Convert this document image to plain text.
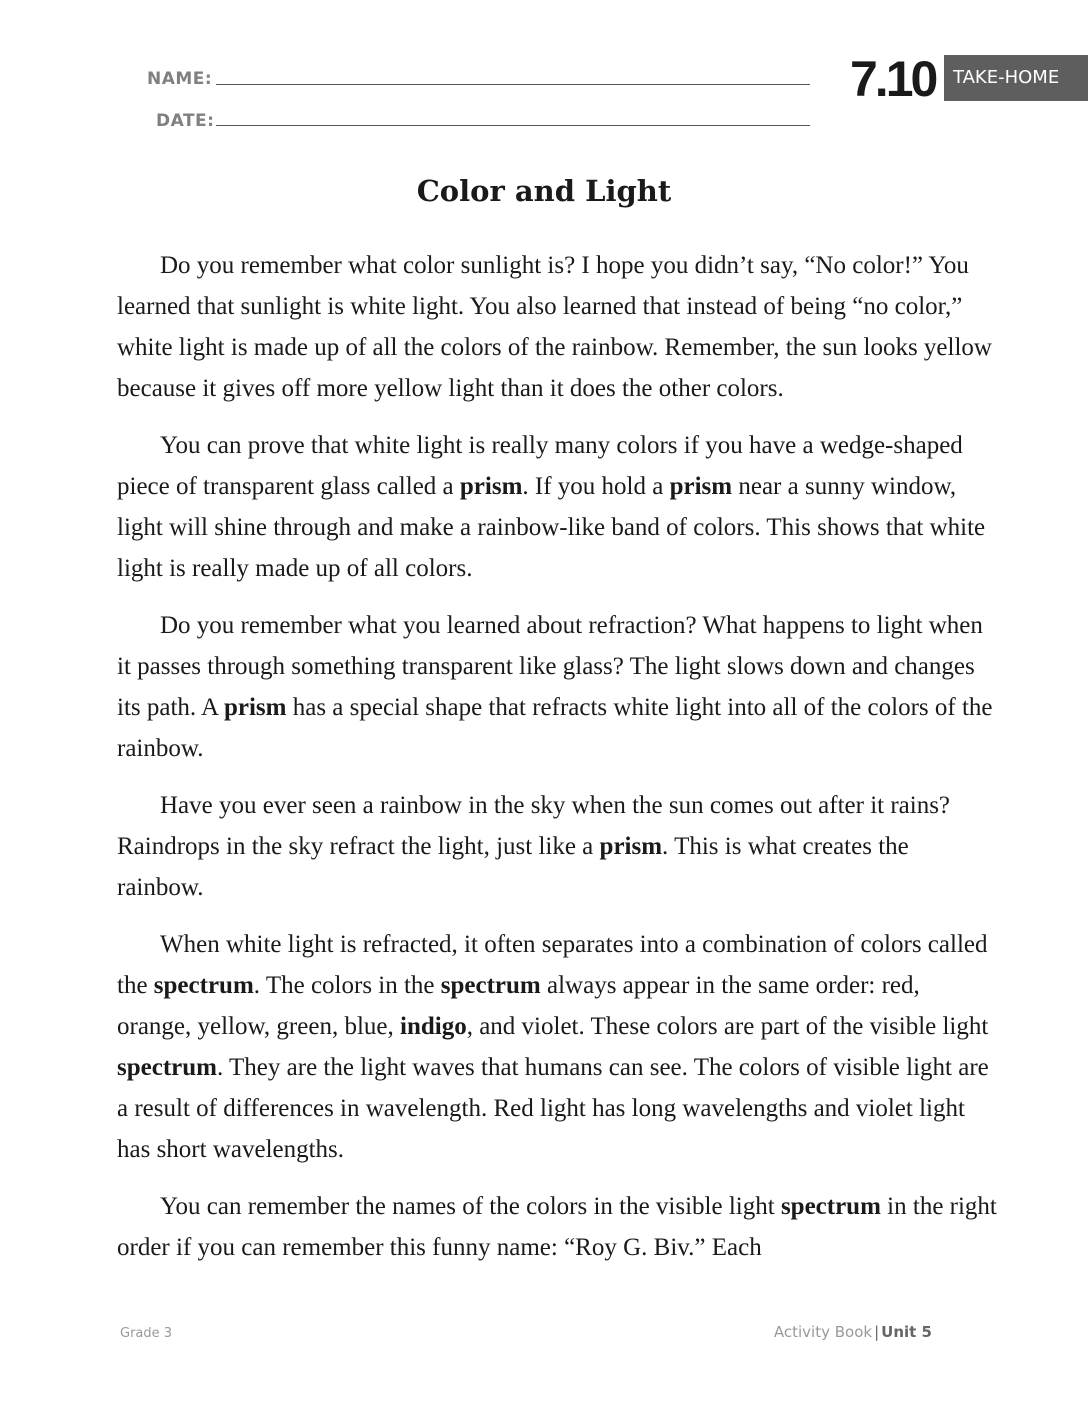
NAME:
DATE:
7.10 TAKE-HOME
Color and Light

Do you remember what color sunlight is? I hope you didn’t say, “No color!” You learned that sunlight is white light. You also learned that instead of being “no color,” white light is made up of all the colors of the rainbow. Remember, the sun looks yellow because it gives off more yellow light than it does the other colors.

You can prove that white light is really many colors if you have a wedge-shaped piece of transparent glass called a prism. If you hold a prism near a sunny window, light will shine through and make a rainbow-like band of colors. This shows that white light is really made up of all colors.

Do you remember what you learned about refraction? What happens to light when it passes through something transparent like glass? The light slows down and changes its path. A prism has a special shape that refracts white light into all of the colors of the rainbow.

Have you ever seen a rainbow in the sky when the sun comes out after it rains? Raindrops in the sky refract the light, just like a prism. This is what creates the rainbow.

When white light is refracted, it often separates into a combination of colors called the spectrum. The colors in the spectrum always appear in the same order: red, orange, yellow, green, blue, indigo, and violet. These colors are part of the visible light spectrum. They are the light waves that humans can see. The colors of visible light are a result of differences in wavelength. Red light has long wavelengths and violet light has short wavelengths.

You can remember the names of the colors in the visible light spectrum in the right order if you can remember this funny name: “Roy G. Biv.” Each

Grade 3	Activity Book | Unit 5
